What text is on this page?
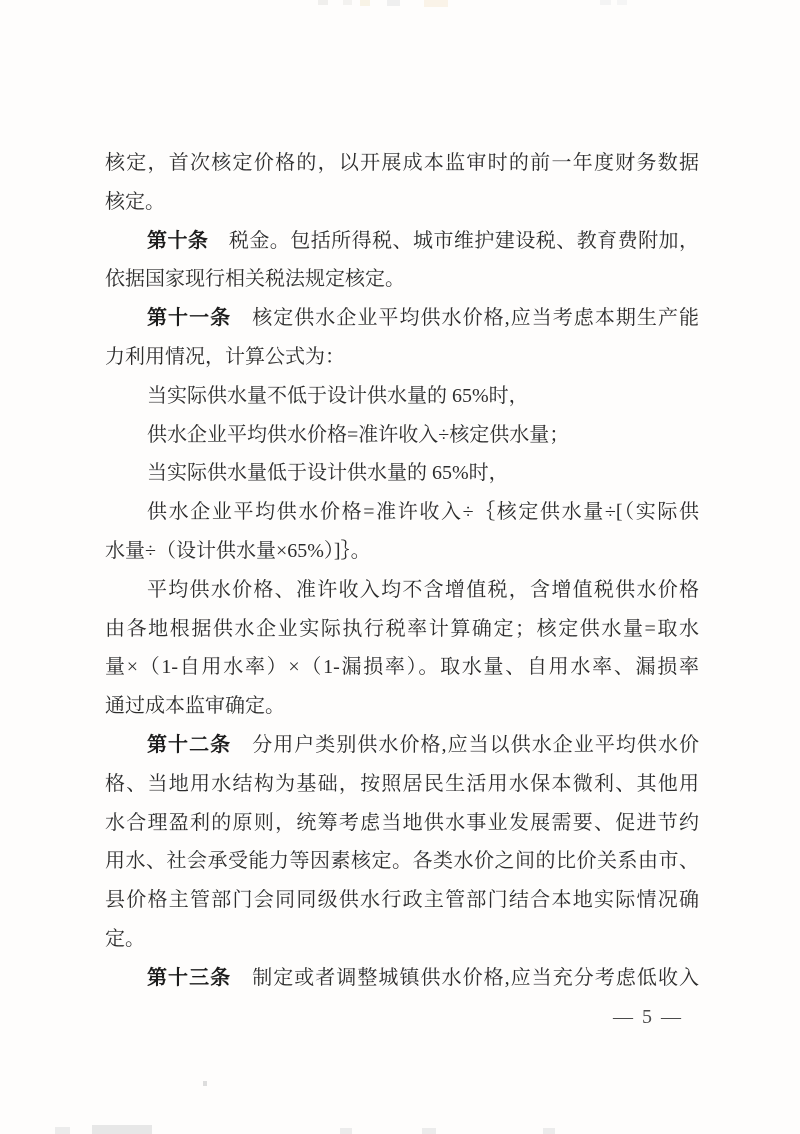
核定，首次核定价格的，以开展成本监审时的前一年度财务数据
核定。
第十条　税金。包括所得税、城市维护建设税、教育费附加，
依据国家现行相关税法规定核定。
第十一条　核定供水企业平均供水价格,应当考虑本期生产能
力利用情况，计算公式为：
当实际供水量不低于设计供水量的 65%时，
供水企业平均供水价格=准许收入÷核定供水量；
当实际供水量低于设计供水量的 65%时，
供水企业平均供水价格=准许收入÷｛核定供水量÷[（实际供
水量÷（设计供水量×65%）]｝。
平均供水价格、准许收入均不含增值税，含增值税供水价格
由各地根据供水企业实际执行税率计算确定；核定供水量=取水
量×（1-自用水率）×（1-漏损率）。取水量、自用水率、漏损率
通过成本监审确定。
第十二条　分用户类别供水价格,应当以供水企业平均供水价
格、当地用水结构为基础，按照居民生活用水保本微利、其他用
水合理盈利的原则，统筹考虑当地供水事业发展需要、促进节约
用水、社会承受能力等因素核定。各类水价之间的比价关系由市、
县价格主管部门会同同级供水行政主管部门结合本地实际情况确
定。
第十三条　制定或者调整城镇供水价格,应当充分考虑低收入
— 5 —
